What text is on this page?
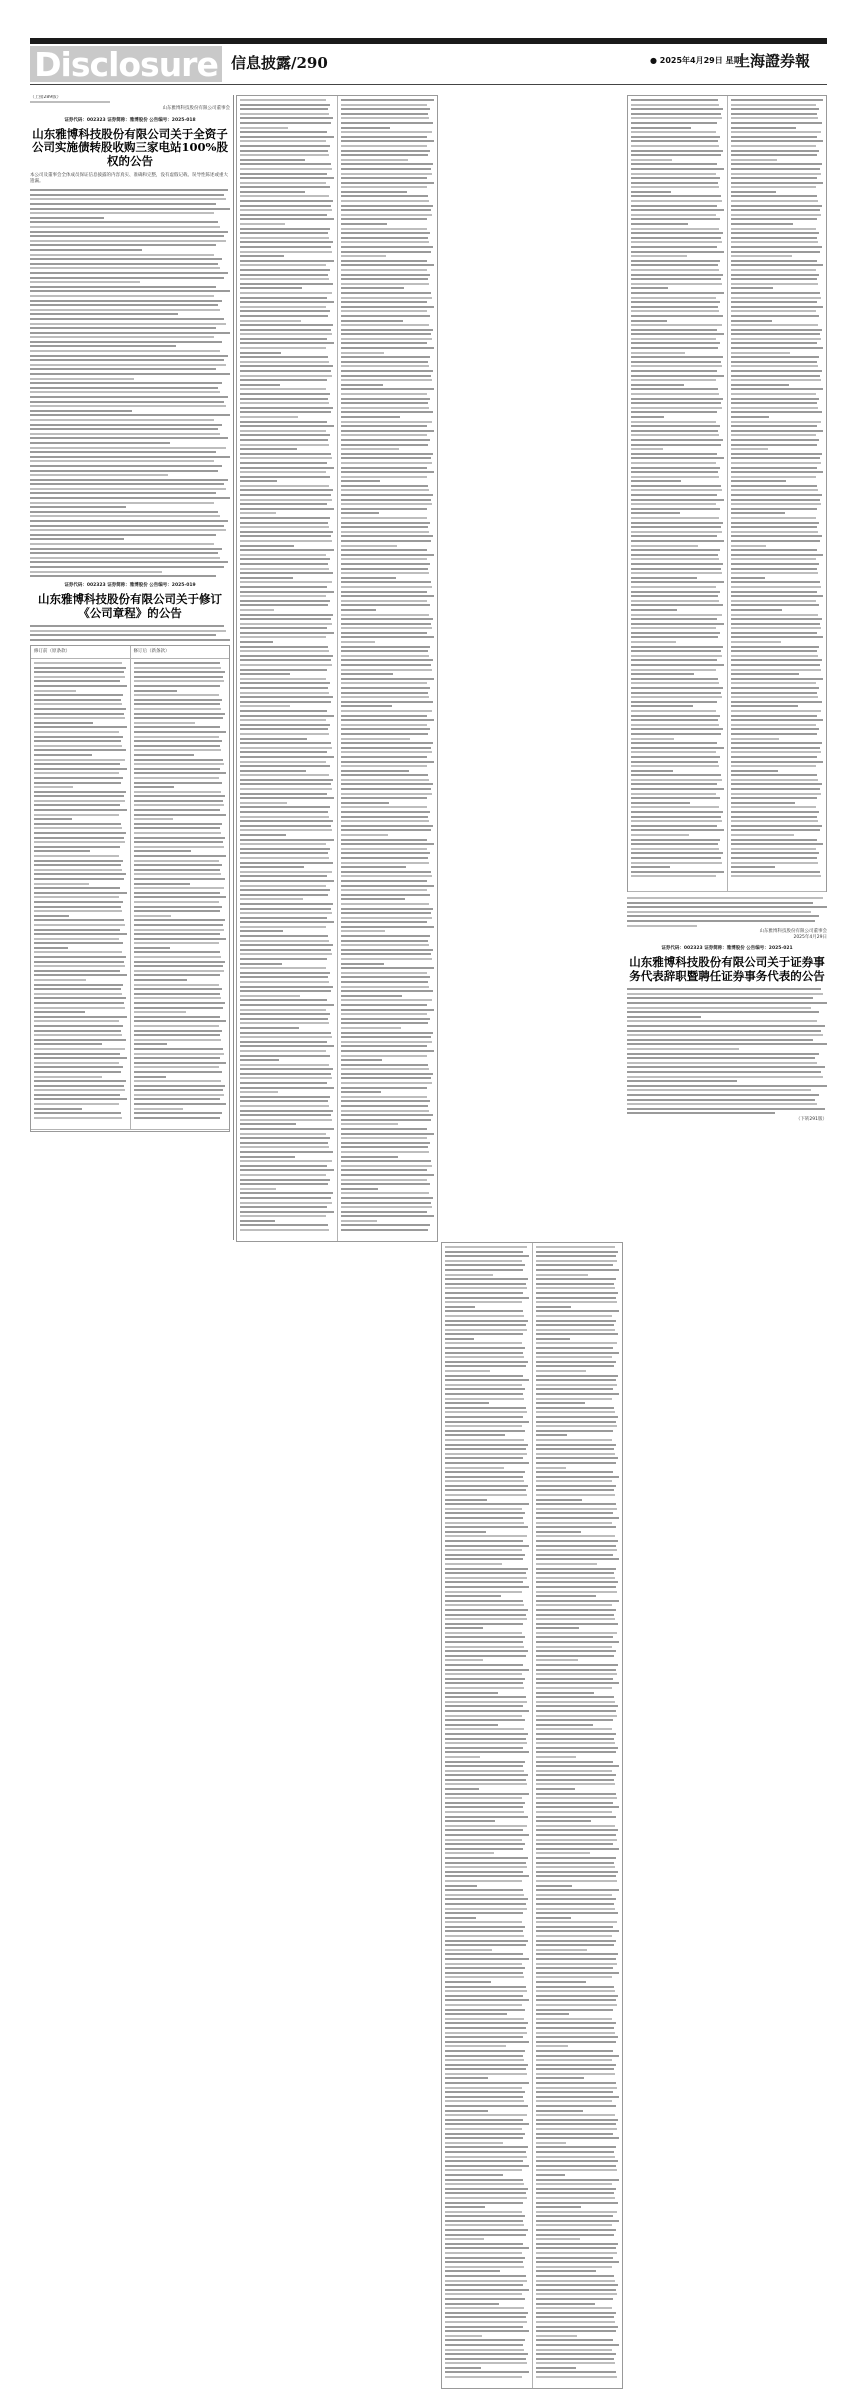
Disclosure 信息披露/290	● 2025年4月29日 星期二
上海證券報
（上接289版）
山东雅博科技股份有限公司董事会
证券代码：002323 证券简称：雅博股份 公告编号：2025-018
山东雅博科技股份有限公司关于全资子公司实施债转股收购三家电站100%股权的公告
本公司及董事会全体成员保证信息披露的内容真实、准确和完整，没有虚假记载、误导性陈述或重大遗漏。
证券代码：002323 证券简称：雅博股份 公告编号：2025-019
山东雅博科技股份有限公司关于修订《公司章程》的公告
修订前（原条款）	修订后（新条款）
山东雅博科技股份有限公司董事会
2025年4月29日
证券代码：002323 证券简称：雅博股份 公告编号：2025-021
山东雅博科技股份有限公司关于证券事务代表辞职暨聘任证券事务代表的公告
（下转291版）
